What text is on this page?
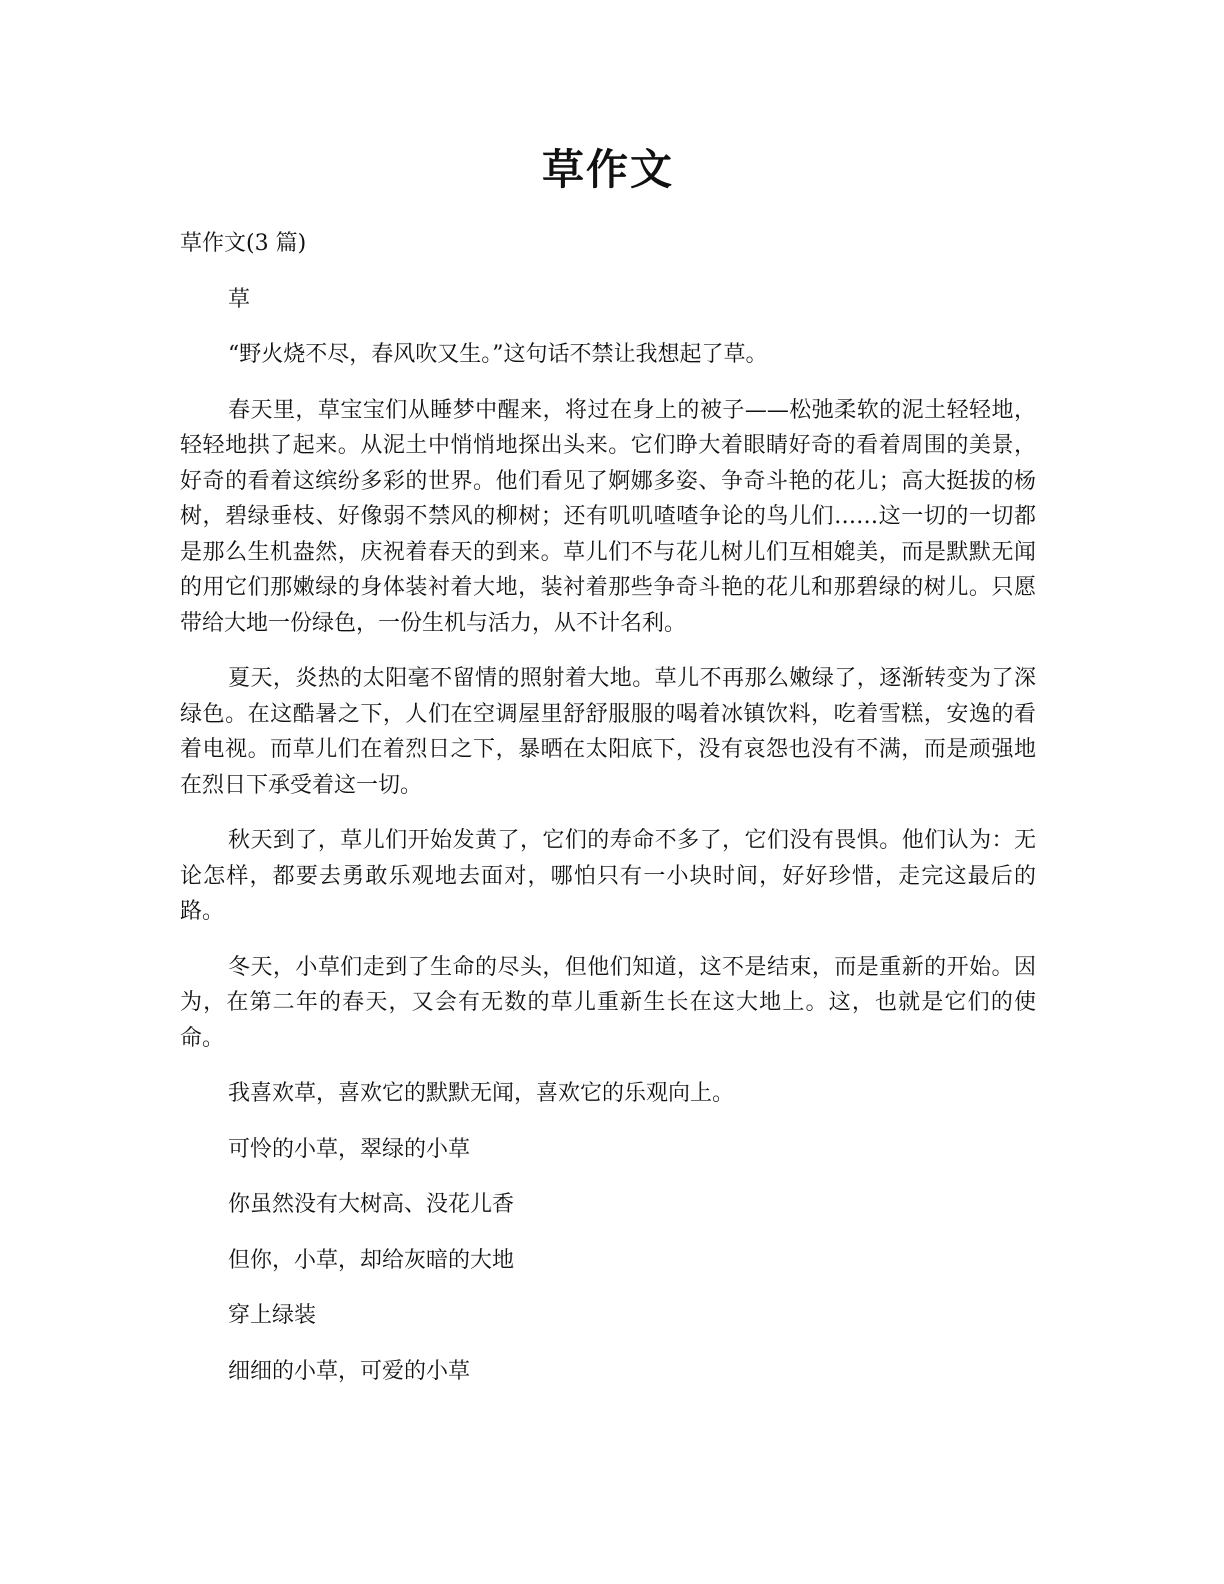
草作文

草作文(3 篇)

草

“野火烧不尽，春风吹又生。”这句话不禁让我想起了草。

春天里，草宝宝们从睡梦中醒来，将过在身上的被子——松弛柔软的泥土轻轻地，轻轻地拱了起来。从泥土中悄悄地探出头来。它们睁大着眼睛好奇的看着周围的美景，好奇的看着这缤纷多彩的世界。他们看见了婀娜多姿、争奇斗艳的花儿；高大挺拔的杨树，碧绿垂枝、好像弱不禁风的柳树；还有叽叽喳喳争论的鸟儿们……这一切的一切都是那么生机盎然，庆祝着春天的到来。草儿们不与花儿树儿们互相媲美，而是默默无闻的用它们那嫩绿的身体装衬着大地，装衬着那些争奇斗艳的花儿和那碧绿的树儿。只愿带给大地一份绿色，一份生机与活力，从不计名利。

夏天，炎热的太阳毫不留情的照射着大地。草儿不再那么嫩绿了，逐渐转变为了深绿色。在这酷暑之下，人们在空调屋里舒舒服服的喝着冰镇饮料，吃着雪糕，安逸的看着电视。而草儿们在着烈日之下，暴晒在太阳底下，没有哀怨也没有不满，而是顽强地在烈日下承受着这一切。

秋天到了，草儿们开始发黄了，它们的寿命不多了，它们没有畏惧。他们认为：无论怎样，都要去勇敢乐观地去面对，哪怕只有一小块时间，好好珍惜，走完这最后的路。

冬天，小草们走到了生命的尽头，但他们知道，这不是结束，而是重新的开始。因为，在第二年的春天，又会有无数的草儿重新生长在这大地上。这，也就是它们的使命。

我喜欢草，喜欢它的默默无闻，喜欢它的乐观向上。

可怜的小草，翠绿的小草

你虽然没有大树高、没花儿香

但你，小草，却给灰暗的大地

穿上绿装

细细的小草，可爱的小草
